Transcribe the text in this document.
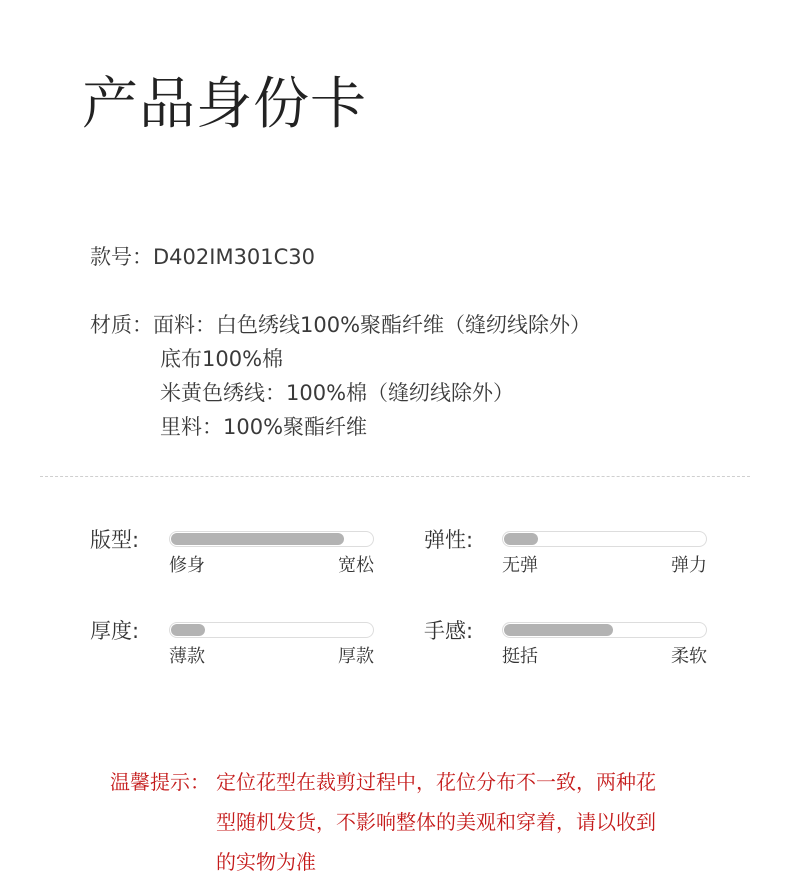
产品身份卡
款号：D402IM301C30
材质：面料：白色绣线100%聚酯纤维（缝纫线除外）
底布100%棉
米黄色绣线：100%棉（缝纫线除外）
里料：100%聚酯纤维
版型:
修身	宽松
弹性:
无弹	弹力
厚度:
薄款	厚款
手感:
挺括	柔软
温馨提示： 定位花型在裁剪过程中，花位分布不一致，两种花
型随机发货，不影响整体的美观和穿着，请以收到
的实物为准
